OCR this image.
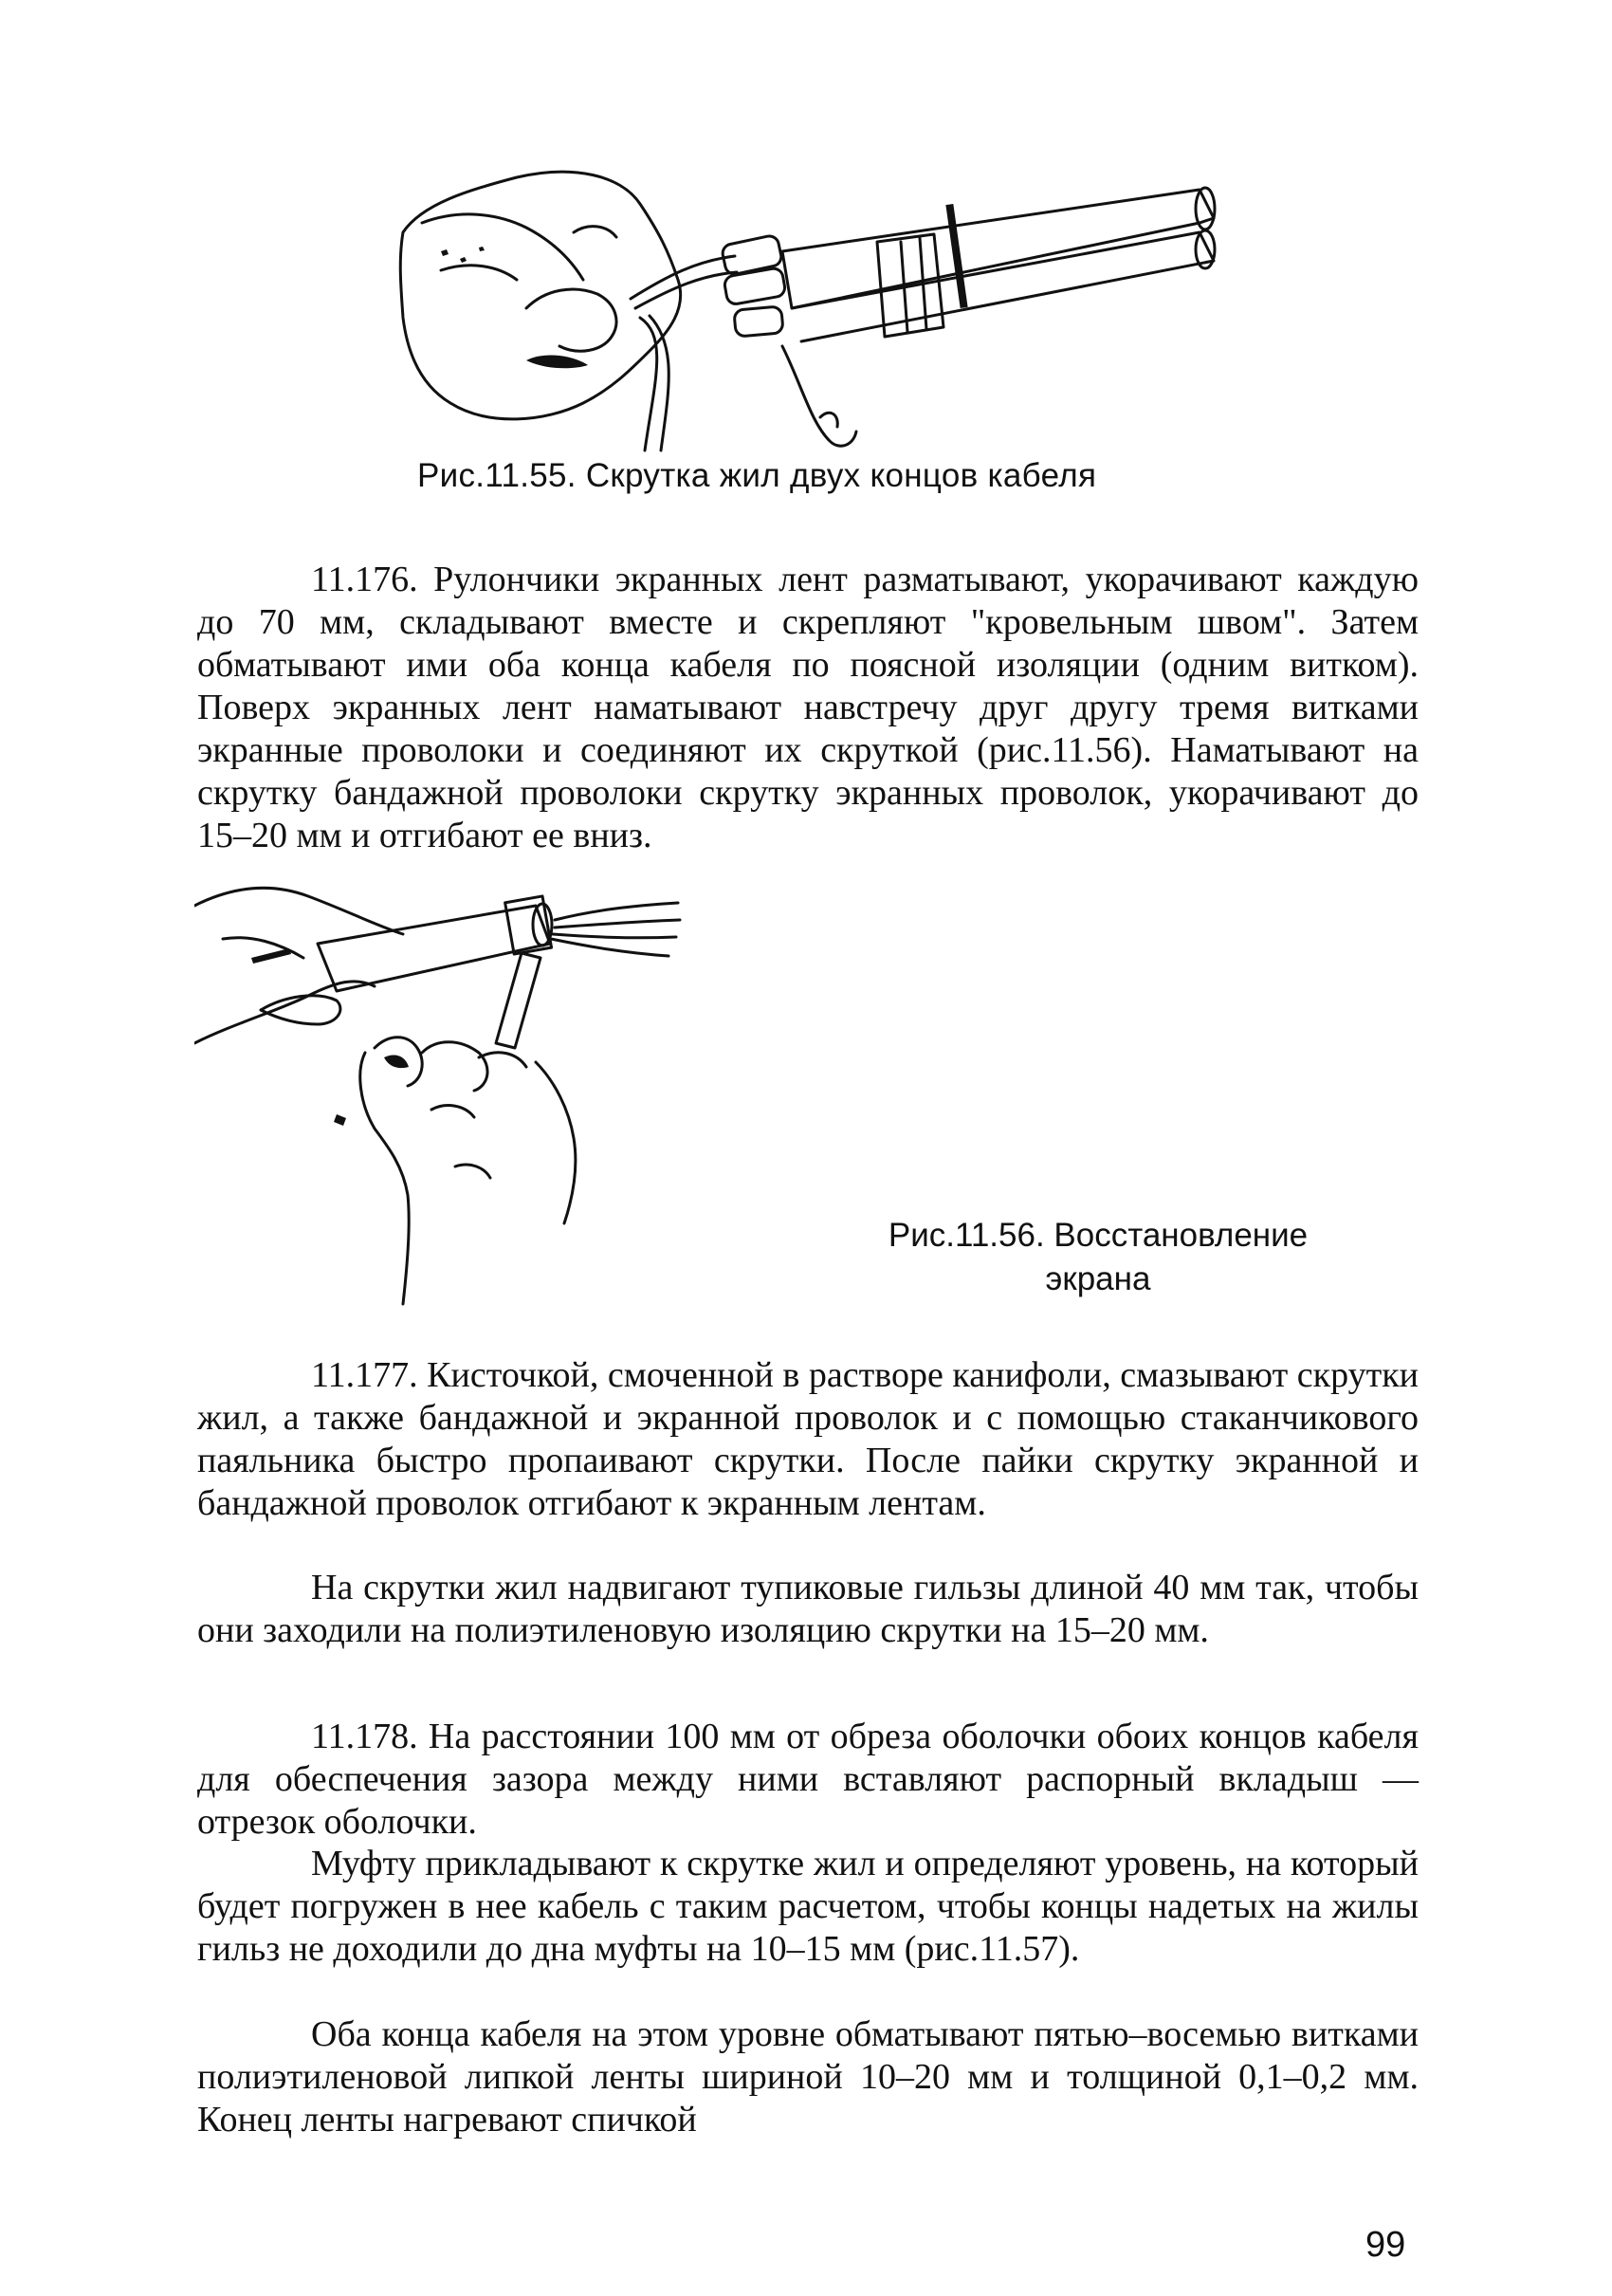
Рис.11.55. Скрутка жил двух концов кабеля

11.176. Рулончики экранных лент разматывают, укорачивают каждую до 70 мм, складывают вместе и скрепляют "кровельным швом". Затем обматывают ими оба конца кабеля по поясной изоляции (одним витком). Поверх экранных лент наматывают навстречу друг другу тремя витками экранные проволоки и соединяют их скруткой (рис.11.56). Наматывают на скрутку бандажной проволоки скрутку экранных проволок, укорачивают до 15–20 мм и отгибают ее вниз.

Рис.11.56. Восстановление
экрана

11.177. Кисточкой, смоченной в растворе канифоли, смазывают скрутки жил, а также бандажной и экранной проволок и с помощью стаканчикового паяльника быстро пропаивают скрутки. После пайки скрутку экранной и бандажной проволок отгибают к экранным лентам.

На скрутки жил надвигают тупиковые гильзы длиной 40 мм так, чтобы они заходили на полиэтиленовую изоляцию скрутки на 15–20 мм.

11.178. На расстоянии 100 мм от обреза оболочки обоих концов кабеля для обеспечения зазора между ними вставляют распорный вкладыш — отрезок оболочки.

Муфту прикладывают к скрутке жил и определяют уровень, на который будет погружен в нее кабель с таким расчетом, чтобы концы надетых на жилы гильз не доходили до дна муфты на 10–15 мм (рис.11.57).

Оба конца кабеля на этом уровне обматывают пятью–восемью витками полиэтиленовой липкой ленты шириной 10–20 мм и толщиной 0,1–0,2 мм. Конец ленты нагревают спичкой

99
